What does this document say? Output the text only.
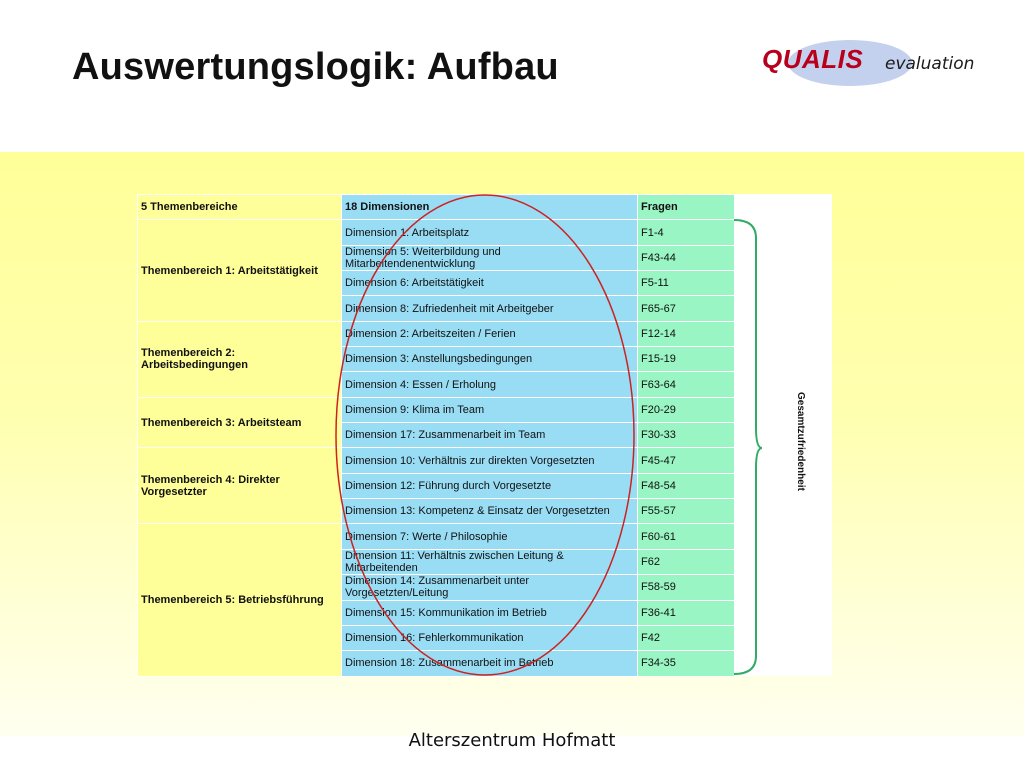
Auswertungslogik: Aufbau	QUALIS evaluation
5 Themenbereiche	18 Dimensionen	Fragen
Themenbereich 1: Arbeitstätigkeit	Dimension 1: Arbeitsplatz	F1-4
	Dimension 5: Weiterbildung und Mitarbeitendenentwicklung	F43-44
	Dimension 6: Arbeitstätigkeit	F5-11
	Dimension 8: Zufriedenheit mit Arbeitgeber	F65-67
Themenbereich 2: Arbeitsbedingungen	Dimension 2: Arbeitszeiten / Ferien	F12-14
	Dimension 3: Anstellungsbedingungen	F15-19
	Dimension 4: Essen / Erholung	F63-64
Themenbereich 3: Arbeitsteam	Dimension 9: Klima im Team	F20-29
	Dimension 17: Zusammenarbeit im Team	F30-33
Themenbereich 4: Direkter Vorgesetzter	Dimension 10: Verhältnis zur direkten Vorgesetzten	F45-47
	Dimension 12: Führung durch Vorgesetzte	F48-54
	Dimension 13: Kompetenz & Einsatz der Vorgesetzten	F55-57
Themenbereich 5: Betriebsführung	Dimension 7: Werte / Philosophie	F60-61
	Dimension 11: Verhältnis zwischen Leitung & Mitarbeitenden	F62
	Dimension 14: Zusammenarbeit unter Vorgesetzten/Leitung	F58-59
	Dimension 15: Kommunikation im Betrieb	F36-41
	Dimension 16: Fehlerkommunikation	F42
	Dimension 18: Zusammenarbeit im Betrieb	F34-35
Gesamtzufriedenheit
Alterszentrum Hofmatt
